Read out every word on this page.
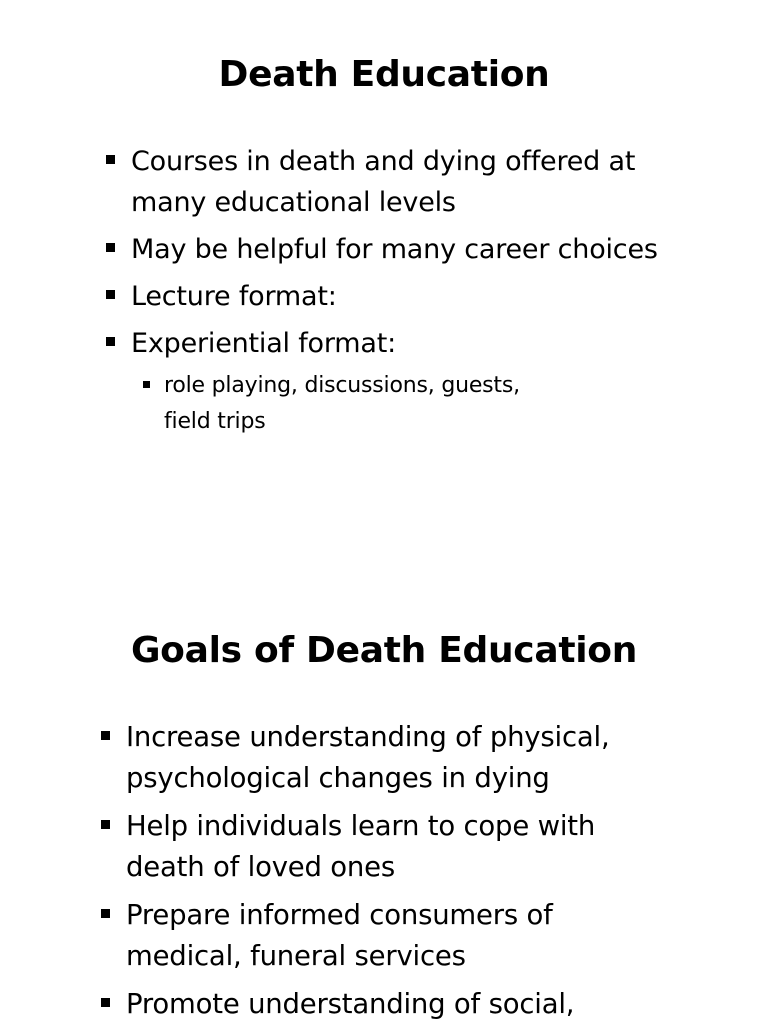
Death Education
Courses in death and dying offered at many educational levels
May be helpful for many career choices
Lecture format:
Experiential format:
role playing, discussions, guests, field trips
Goals of Death Education
Increase understanding of physical, psychological changes in dying
Help individuals learn to cope with death of loved ones
Prepare informed consumers of medical, funeral services
Promote understanding of social,
